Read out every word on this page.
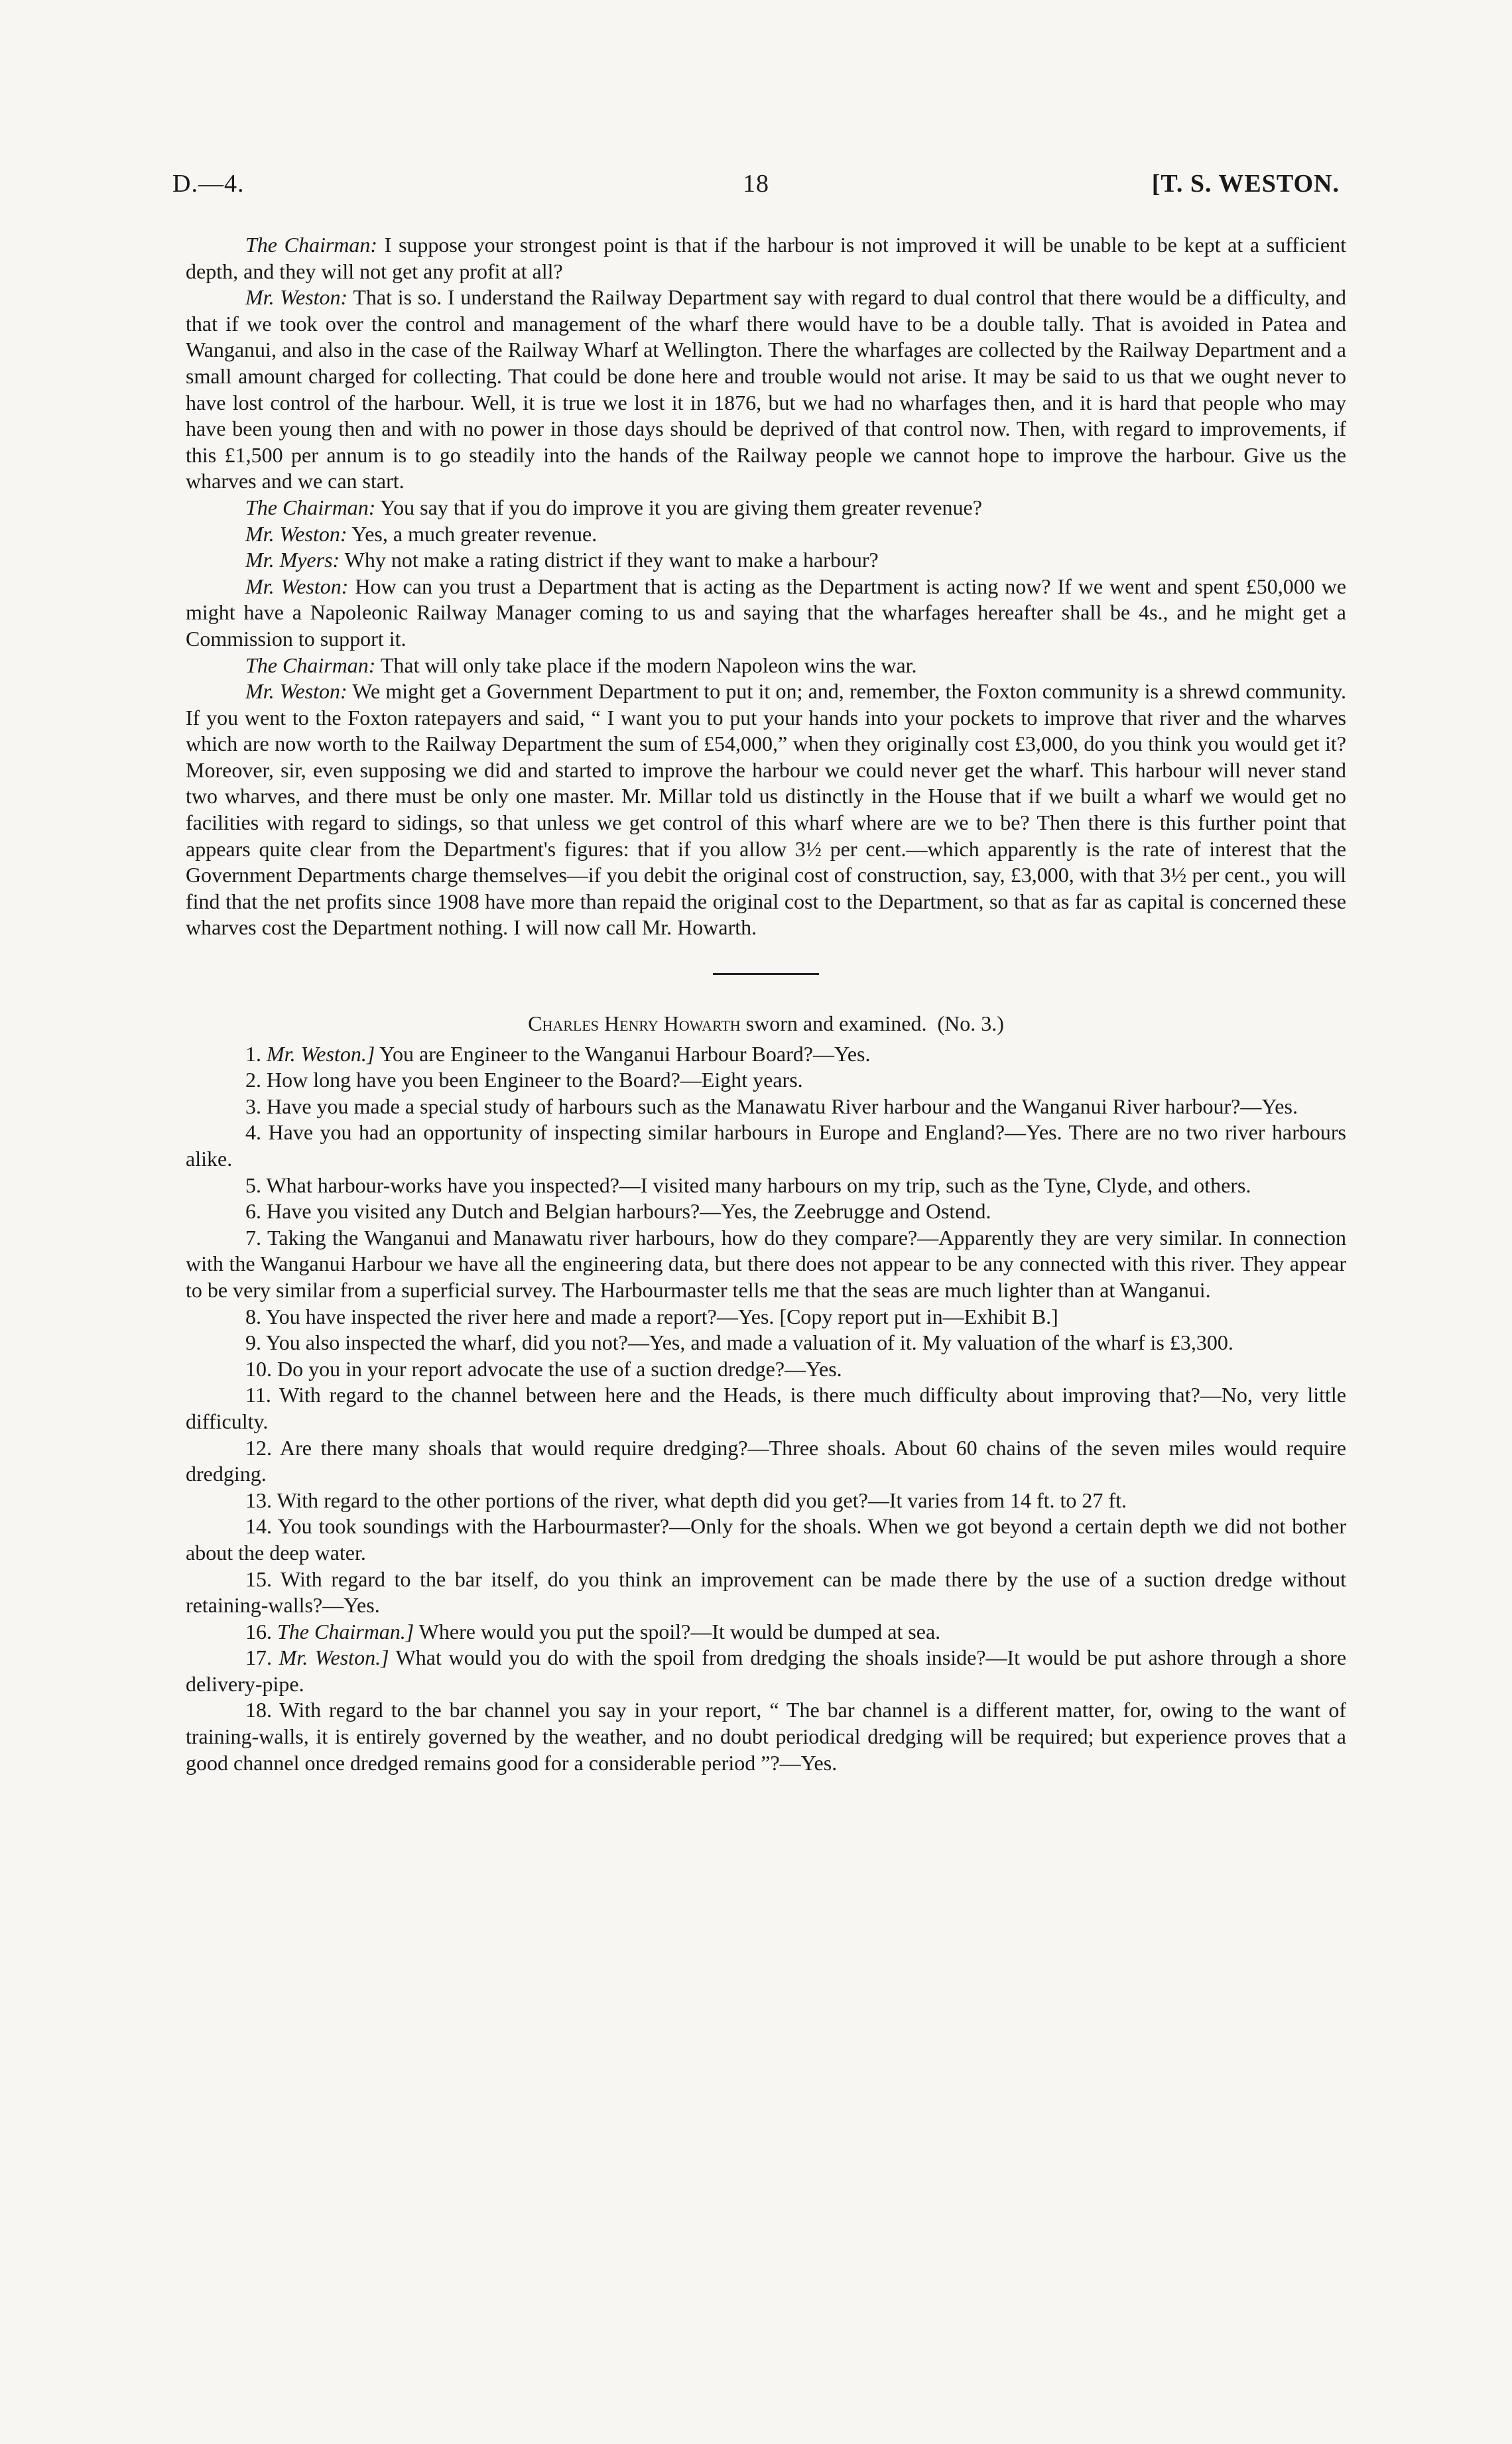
D.—4.	18	[T. S. WESTON.

The Chairman: I suppose your strongest point is that if the harbour is not improved it will be unable to be kept at a sufficient depth, and they will not get any profit at all?

Mr. Weston: That is so. I understand the Railway Department say with regard to dual control that there would be a difficulty, and that if we took over the control and management of the wharf there would have to be a double tally. That is avoided in Patea and Wanganui, and also in the case of the Railway Wharf at Wellington. There the wharfages are collected by the Railway Department and a small amount charged for collecting. That could be done here and trouble would not arise. It may be said to us that we ought never to have lost control of the harbour. Well, it is true we lost it in 1876, but we had no wharfages then, and it is hard that people who may have been young then and with no power in those days should be deprived of that control now. Then, with regard to improvements, if this £1,500 per annum is to go steadily into the hands of the Railway people we cannot hope to improve the harbour. Give us the wharves and we can start.

The Chairman: You say that if you do improve it you are giving them greater revenue?

Mr. Weston: Yes, a much greater revenue.

Mr. Myers: Why not make a rating district if they want to make a harbour?

Mr. Weston: How can you trust a Department that is acting as the Department is acting now? If we went and spent £50,000 we might have a Napoleonic Railway Manager coming to us and saying that the wharfages hereafter shall be 4s., and he might get a Commission to support it.

The Chairman: That will only take place if the modern Napoleon wins the war.

Mr. Weston: We might get a Government Department to put it on; and, remember, the Foxton community is a shrewd community. If you went to the Foxton ratepayers and said, “ I want you to put your hands into your pockets to improve that river and the wharves which are now worth to the Railway Department the sum of £54,000,” when they originally cost £3,000, do you think you would get it? Moreover, sir, even supposing we did and started to improve the harbour we could never get the wharf. This harbour will never stand two wharves, and there must be only one master. Mr. Millar told us distinctly in the House that if we built a wharf we would get no facilities with regard to sidings, so that unless we get control of this wharf where are we to be? Then there is this further point that appears quite clear from the Department's figures: that if you allow 3½ per cent.—which apparently is the rate of interest that the Government Departments charge themselves—if you debit the original cost of construction, say, £3,000, with that 3½ per cent., you will find that the net profits since 1908 have more than repaid the original cost to the Department, so that as far as capital is concerned these wharves cost the Department nothing. I will now call Mr. Howarth.

Charles Henry Howarth sworn and examined. (No. 3.)

1. Mr. Weston.] You are Engineer to the Wanganui Harbour Board?—Yes.

2. How long have you been Engineer to the Board?—Eight years.

3. Have you made a special study of harbours such as the Manawatu River harbour and the Wanganui River harbour?—Yes.

4. Have you had an opportunity of inspecting similar harbours in Europe and England?—Yes. There are no two river harbours alike.

5. What harbour-works have you inspected?—I visited many harbours on my trip, such as the Tyne, Clyde, and others.

6. Have you visited any Dutch and Belgian harbours?—Yes, the Zeebrugge and Ostend.

7. Taking the Wanganui and Manawatu river harbours, how do they compare?—Apparently they are very similar. In connection with the Wanganui Harbour we have all the engineering data, but there does not appear to be any connected with this river. They appear to be very similar from a superficial survey. The Harbourmaster tells me that the seas are much lighter than at Wanganui.

8. You have inspected the river here and made a report?—Yes. [Copy report put in—Exhibit B.]

9. You also inspected the wharf, did you not?—Yes, and made a valuation of it. My valuation of the wharf is £3,300.

10. Do you in your report advocate the use of a suction dredge?—Yes.

11. With regard to the channel between here and the Heads, is there much difficulty about improving that?—No, very little difficulty.

12. Are there many shoals that would require dredging?—Three shoals. About 60 chains of the seven miles would require dredging.

13. With regard to the other portions of the river, what depth did you get?—It varies from 14 ft. to 27 ft.

14. You took soundings with the Harbourmaster?—Only for the shoals. When we got beyond a certain depth we did not bother about the deep water.

15. With regard to the bar itself, do you think an improvement can be made there by the use of a suction dredge without retaining-walls?—Yes.

16. The Chairman.] Where would you put the spoil?—It would be dumped at sea.

17. Mr. Weston.] What would you do with the spoil from dredging the shoals inside?—It would be put ashore through a shore delivery-pipe.

18. With regard to the bar channel you say in your report, “ The bar channel is a different matter, for, owing to the want of training-walls, it is entirely governed by the weather, and no doubt periodical dredging will be required; but experience proves that a good channel once dredged remains good for a considerable period ”?—Yes.
